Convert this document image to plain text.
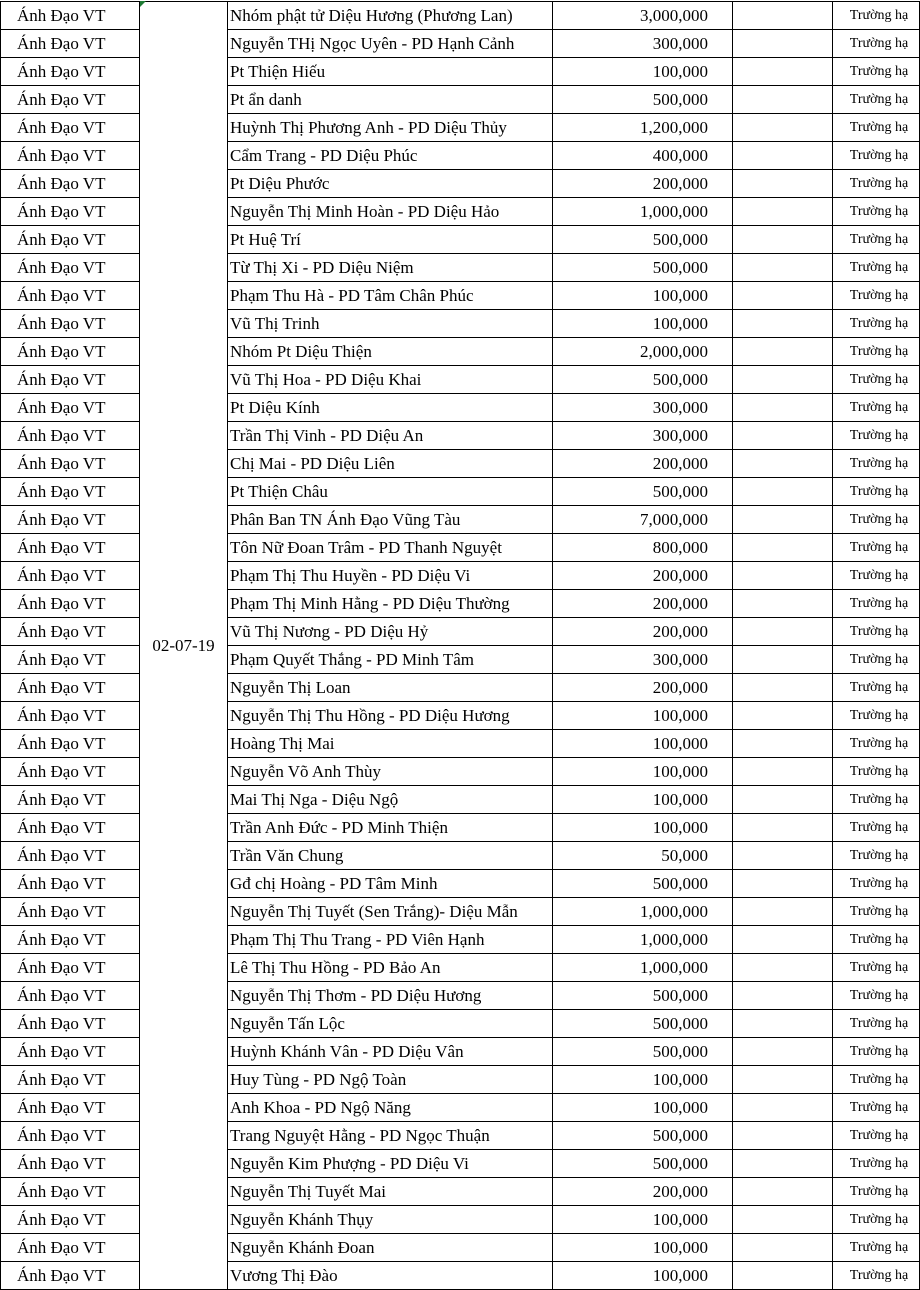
Ánh Đạo VT	02-07-19	Nhóm phật tử Diệu Hương (Phương Lan)	3,000,000		Trường hạ
Ánh Đạo VT		Nguyễn THị Ngọc Uyên - PD Hạnh Cảnh	300,000		Trường hạ
Ánh Đạo VT		Pt Thiện Hiếu	100,000		Trường hạ
Ánh Đạo VT		Pt ẩn danh	500,000		Trường hạ
Ánh Đạo VT		Huỳnh Thị Phương Anh - PD Diệu Thủy	1,200,000		Trường hạ
Ánh Đạo VT		Cẩm Trang - PD Diệu Phúc	400,000		Trường hạ
Ánh Đạo VT		Pt Diệu Phước	200,000		Trường hạ
Ánh Đạo VT		Nguyễn Thị Minh Hoàn - PD Diệu Hảo	1,000,000		Trường hạ
Ánh Đạo VT		Pt Huệ Trí	500,000		Trường hạ
Ánh Đạo VT		Từ Thị Xi - PD Diệu Niệm	500,000		Trường hạ
Ánh Đạo VT		Phạm Thu Hà - PD Tâm Chân Phúc	100,000		Trường hạ
Ánh Đạo VT		Vũ Thị Trinh	100,000		Trường hạ
Ánh Đạo VT		Nhóm Pt Diệu Thiện	2,000,000		Trường hạ
Ánh Đạo VT		Vũ Thị Hoa - PD Diệu Khai	500,000		Trường hạ
Ánh Đạo VT		Pt Diệu Kính	300,000		Trường hạ
Ánh Đạo VT		Trần Thị Vinh - PD Diệu An	300,000		Trường hạ
Ánh Đạo VT		Chị Mai - PD Diệu Liên	200,000		Trường hạ
Ánh Đạo VT		Pt Thiện Châu	500,000		Trường hạ
Ánh Đạo VT		Phân Ban TN Ánh Đạo Vũng Tàu	7,000,000		Trường hạ
Ánh Đạo VT		Tôn Nữ Đoan Trâm - PD Thanh Nguyệt	800,000		Trường hạ
Ánh Đạo VT		Phạm Thị Thu Huyền - PD Diệu Vi	200,000		Trường hạ
Ánh Đạo VT		Phạm Thị Minh Hằng - PD Diệu Thường	200,000		Trường hạ
Ánh Đạo VT		Vũ Thị Nương - PD Diệu Hỷ	200,000		Trường hạ
Ánh Đạo VT		Phạm Quyết Thắng - PD Minh Tâm	300,000		Trường hạ
Ánh Đạo VT		Nguyễn Thị Loan	200,000		Trường hạ
Ánh Đạo VT		Nguyễn Thị Thu Hồng - PD Diệu Hương	100,000		Trường hạ
Ánh Đạo VT		Hoàng Thị Mai	100,000		Trường hạ
Ánh Đạo VT		Nguyễn Võ Anh Thùy	100,000		Trường hạ
Ánh Đạo VT		Mai Thị Nga - Diệu Ngộ	100,000		Trường hạ
Ánh Đạo VT		Trần Anh Đức - PD Minh Thiện	100,000		Trường hạ
Ánh Đạo VT		Trần Văn Chung	50,000		Trường hạ
Ánh Đạo VT		Gđ chị Hoàng - PD Tâm Minh	500,000		Trường hạ
Ánh Đạo VT		Nguyễn Thị Tuyết (Sen Trắng)- Diệu Mẫn	1,000,000		Trường hạ
Ánh Đạo VT		Phạm Thị Thu Trang - PD Viên Hạnh	1,000,000		Trường hạ
Ánh Đạo VT		Lê Thị Thu Hồng - PD Bảo An	1,000,000		Trường hạ
Ánh Đạo VT		Nguyễn Thị Thơm - PD Diệu Hương	500,000		Trường hạ
Ánh Đạo VT		Nguyễn Tấn Lộc	500,000		Trường hạ
Ánh Đạo VT		Huỳnh Khánh Vân - PD Diệu Vân	500,000		Trường hạ
Ánh Đạo VT		Huy Tùng - PD Ngộ Toàn	100,000		Trường hạ
Ánh Đạo VT		Anh Khoa - PD Ngộ Năng	100,000		Trường hạ
Ánh Đạo VT		Trang Nguyệt Hằng - PD Ngọc Thuận	500,000		Trường hạ
Ánh Đạo VT		Nguyễn Kim Phượng - PD Diệu Vi	500,000		Trường hạ
Ánh Đạo VT		Nguyễn Thị Tuyết Mai	200,000		Trường hạ
Ánh Đạo VT		Nguyễn Khánh Thụy	100,000		Trường hạ
Ánh Đạo VT		Nguyễn Khánh Đoan	100,000		Trường hạ
Ánh Đạo VT		Vương Thị Đào	100,000		Trường hạ
